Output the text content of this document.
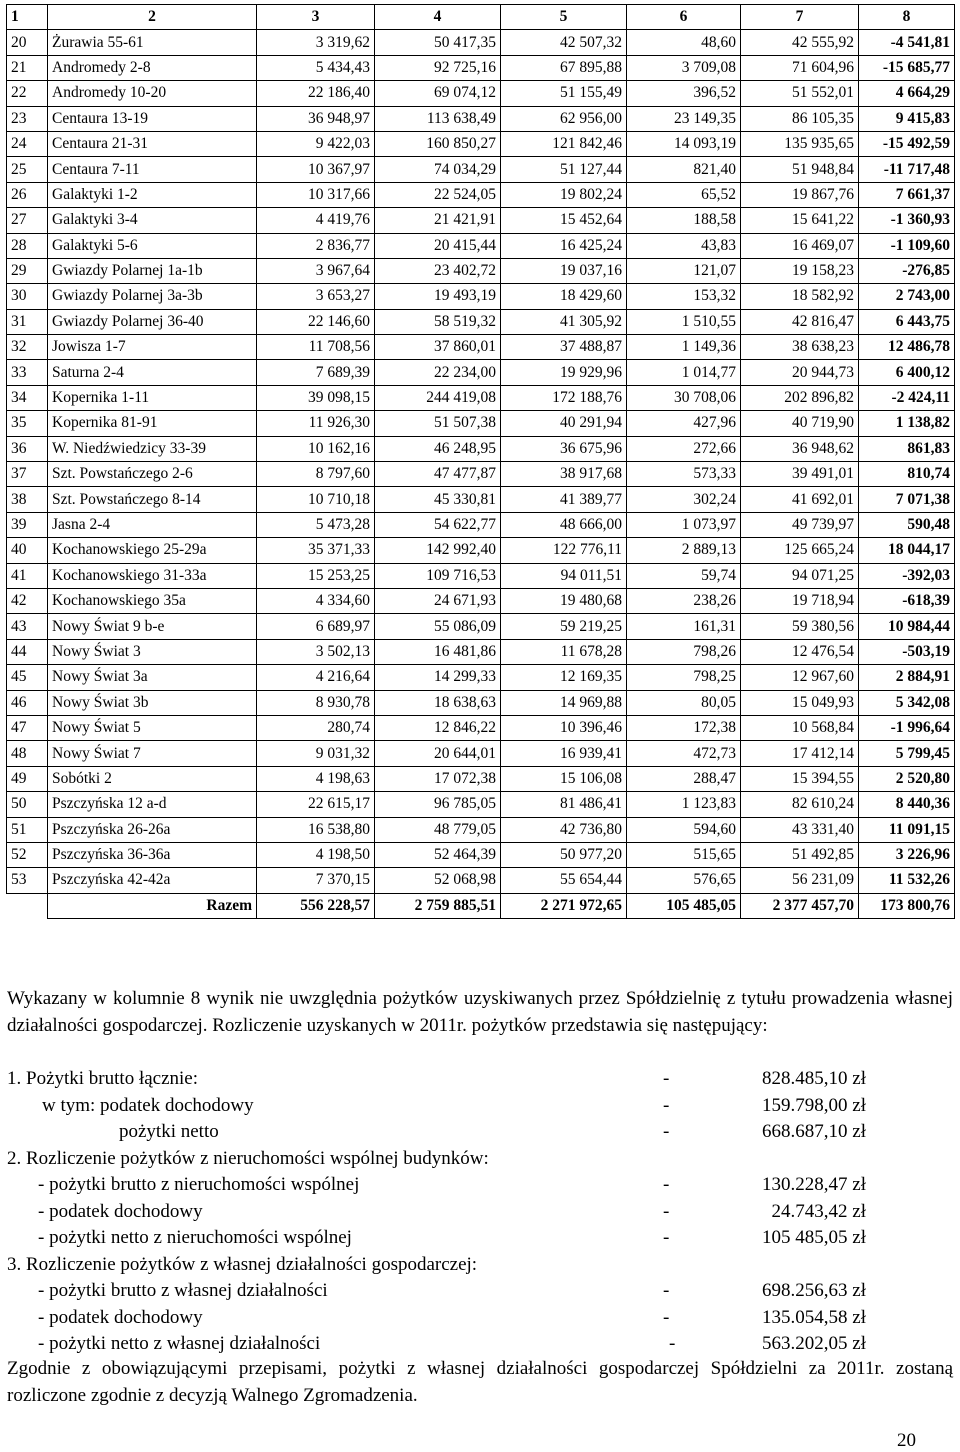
1	2	3	4	5	6	7	8
20	Żurawia 55-61	3 319,62	50 417,35	42 507,32	48,60	42 555,92	-4 541,81
21	Andromedy 2-8	5 434,43	92 725,16	67 895,88	3 709,08	71 604,96	-15 685,77
22	Andromedy 10-20	22 186,40	69 074,12	51 155,49	396,52	51 552,01	4 664,29
23	Centaura 13-19	36 948,97	113 638,49	62 956,00	23 149,35	86 105,35	9 415,83
24	Centaura 21-31	9 422,03	160 850,27	121 842,46	14 093,19	135 935,65	-15 492,59
25	Centaura 7-11	10 367,97	74 034,29	51 127,44	821,40	51 948,84	-11 717,48
26	Galaktyki 1-2	10 317,66	22 524,05	19 802,24	65,52	19 867,76	7 661,37
27	Galaktyki 3-4	4 419,76	21 421,91	15 452,64	188,58	15 641,22	-1 360,93
28	Galaktyki 5-6	2 836,77	20 415,44	16 425,24	43,83	16 469,07	-1 109,60
29	Gwiazdy Polarnej 1a-1b	3 967,64	23 402,72	19 037,16	121,07	19 158,23	-276,85
30	Gwiazdy Polarnej 3a-3b	3 653,27	19 493,19	18 429,60	153,32	18 582,92	2 743,00
31	Gwiazdy Polarnej 36-40	22 146,60	58 519,32	41 305,92	1 510,55	42 816,47	6 443,75
32	Jowisza 1-7	11 708,56	37 860,01	37 488,87	1 149,36	38 638,23	12 486,78
33	Saturna 2-4	7 689,39	22 234,00	19 929,96	1 014,77	20 944,73	6 400,12
34	Kopernika 1-11	39 098,15	244 419,08	172 188,76	30 708,06	202 896,82	-2 424,11
35	Kopernika 81-91	11 926,30	51 507,38	40 291,94	427,96	40 719,90	1 138,82
36	W. Niedźwiedzicy 33-39	10 162,16	46 248,95	36 675,96	272,66	36 948,62	861,83
37	Szt. Powstańczego 2-6	8 797,60	47 477,87	38 917,68	573,33	39 491,01	810,74
38	Szt. Powstańczego 8-14	10 710,18	45 330,81	41 389,77	302,24	41 692,01	7 071,38
39	Jasna 2-4	5 473,28	54 622,77	48 666,00	1 073,97	49 739,97	590,48
40	Kochanowskiego 25-29a	35 371,33	142 992,40	122 776,11	2 889,13	125 665,24	18 044,17
41	Kochanowskiego 31-33a	15 253,25	109 716,53	94 011,51	59,74	94 071,25	-392,03
42	Kochanowskiego 35a	4 334,60	24 671,93	19 480,68	238,26	19 718,94	-618,39
43	Nowy Świat 9 b-e	6 689,97	55 086,09	59 219,25	161,31	59 380,56	10 984,44
44	Nowy Świat 3	3 502,13	16 481,86	11 678,28	798,26	12 476,54	-503,19
45	Nowy Świat 3a	4 216,64	14 299,33	12 169,35	798,25	12 967,60	2 884,91
46	Nowy Świat 3b	8 930,78	18 638,63	14 969,88	80,05	15 049,93	5 342,08
47	Nowy Świat 5	280,74	12 846,22	10 396,46	172,38	10 568,84	-1 996,64
48	Nowy Świat 7	9 031,32	20 644,01	16 939,41	472,73	17 412,14	5 799,45
49	Sobótki 2	4 198,63	17 072,38	15 106,08	288,47	15 394,55	2 520,80
50	Pszczyńska 12 a-d	22 615,17	96 785,05	81 486,41	1 123,83	82 610,24	8 440,36
51	Pszczyńska 26-26a	16 538,80	48 779,05	42 736,80	594,60	43 331,40	11 091,15
52	Pszczyńska 36-36a	4 198,50	52 464,39	50 977,20	515,65	51 492,85	3 226,96
53	Pszczyńska 42-42a	7 370,15	52 068,98	55 654,44	576,65	56 231,09	11 532,26
	Razem	556 228,57	2 759 885,51	2 271 972,65	105 485,05	2 377 457,70	173 800,76
Wykazany w kolumnie 8 wynik nie uwzględnia pożytków uzyskiwanych przez Spółdzielnię z tytułu prowadzenia własnej działalności gospodarczej. Rozliczenie uzyskanych w 2011r. pożytków przedstawia się następujący:
1. Pożytki brutto łącznie:	-	828.485,10 zł
w tym: podatek dochodowy	-	159.798,00 zł
pożytki netto	-	668.687,10 zł
2. Rozliczenie pożytków z nieruchomości wspólnej budynków:
- pożytki brutto z nieruchomości wspólnej	-	130.228,47 zł
- podatek dochodowy	-	24.743,42 zł
- pożytki netto z nieruchomości wspólnej	-	105 485,05 zł
3. Rozliczenie pożytków z własnej działalności gospodarczej:
- pożytki brutto z własnej działalności	-	698.256,63 zł
- podatek dochodowy	-	135.054,58 zł
- pożytki netto z własnej działalności	-	563.202,05 zł
Zgodnie z obowiązującymi przepisami, pożytki z własnej działalności gospodarczej Spółdzielni za 2011r. zostaną rozliczone zgodnie z decyzją Walnego Zgromadzenia.
20
